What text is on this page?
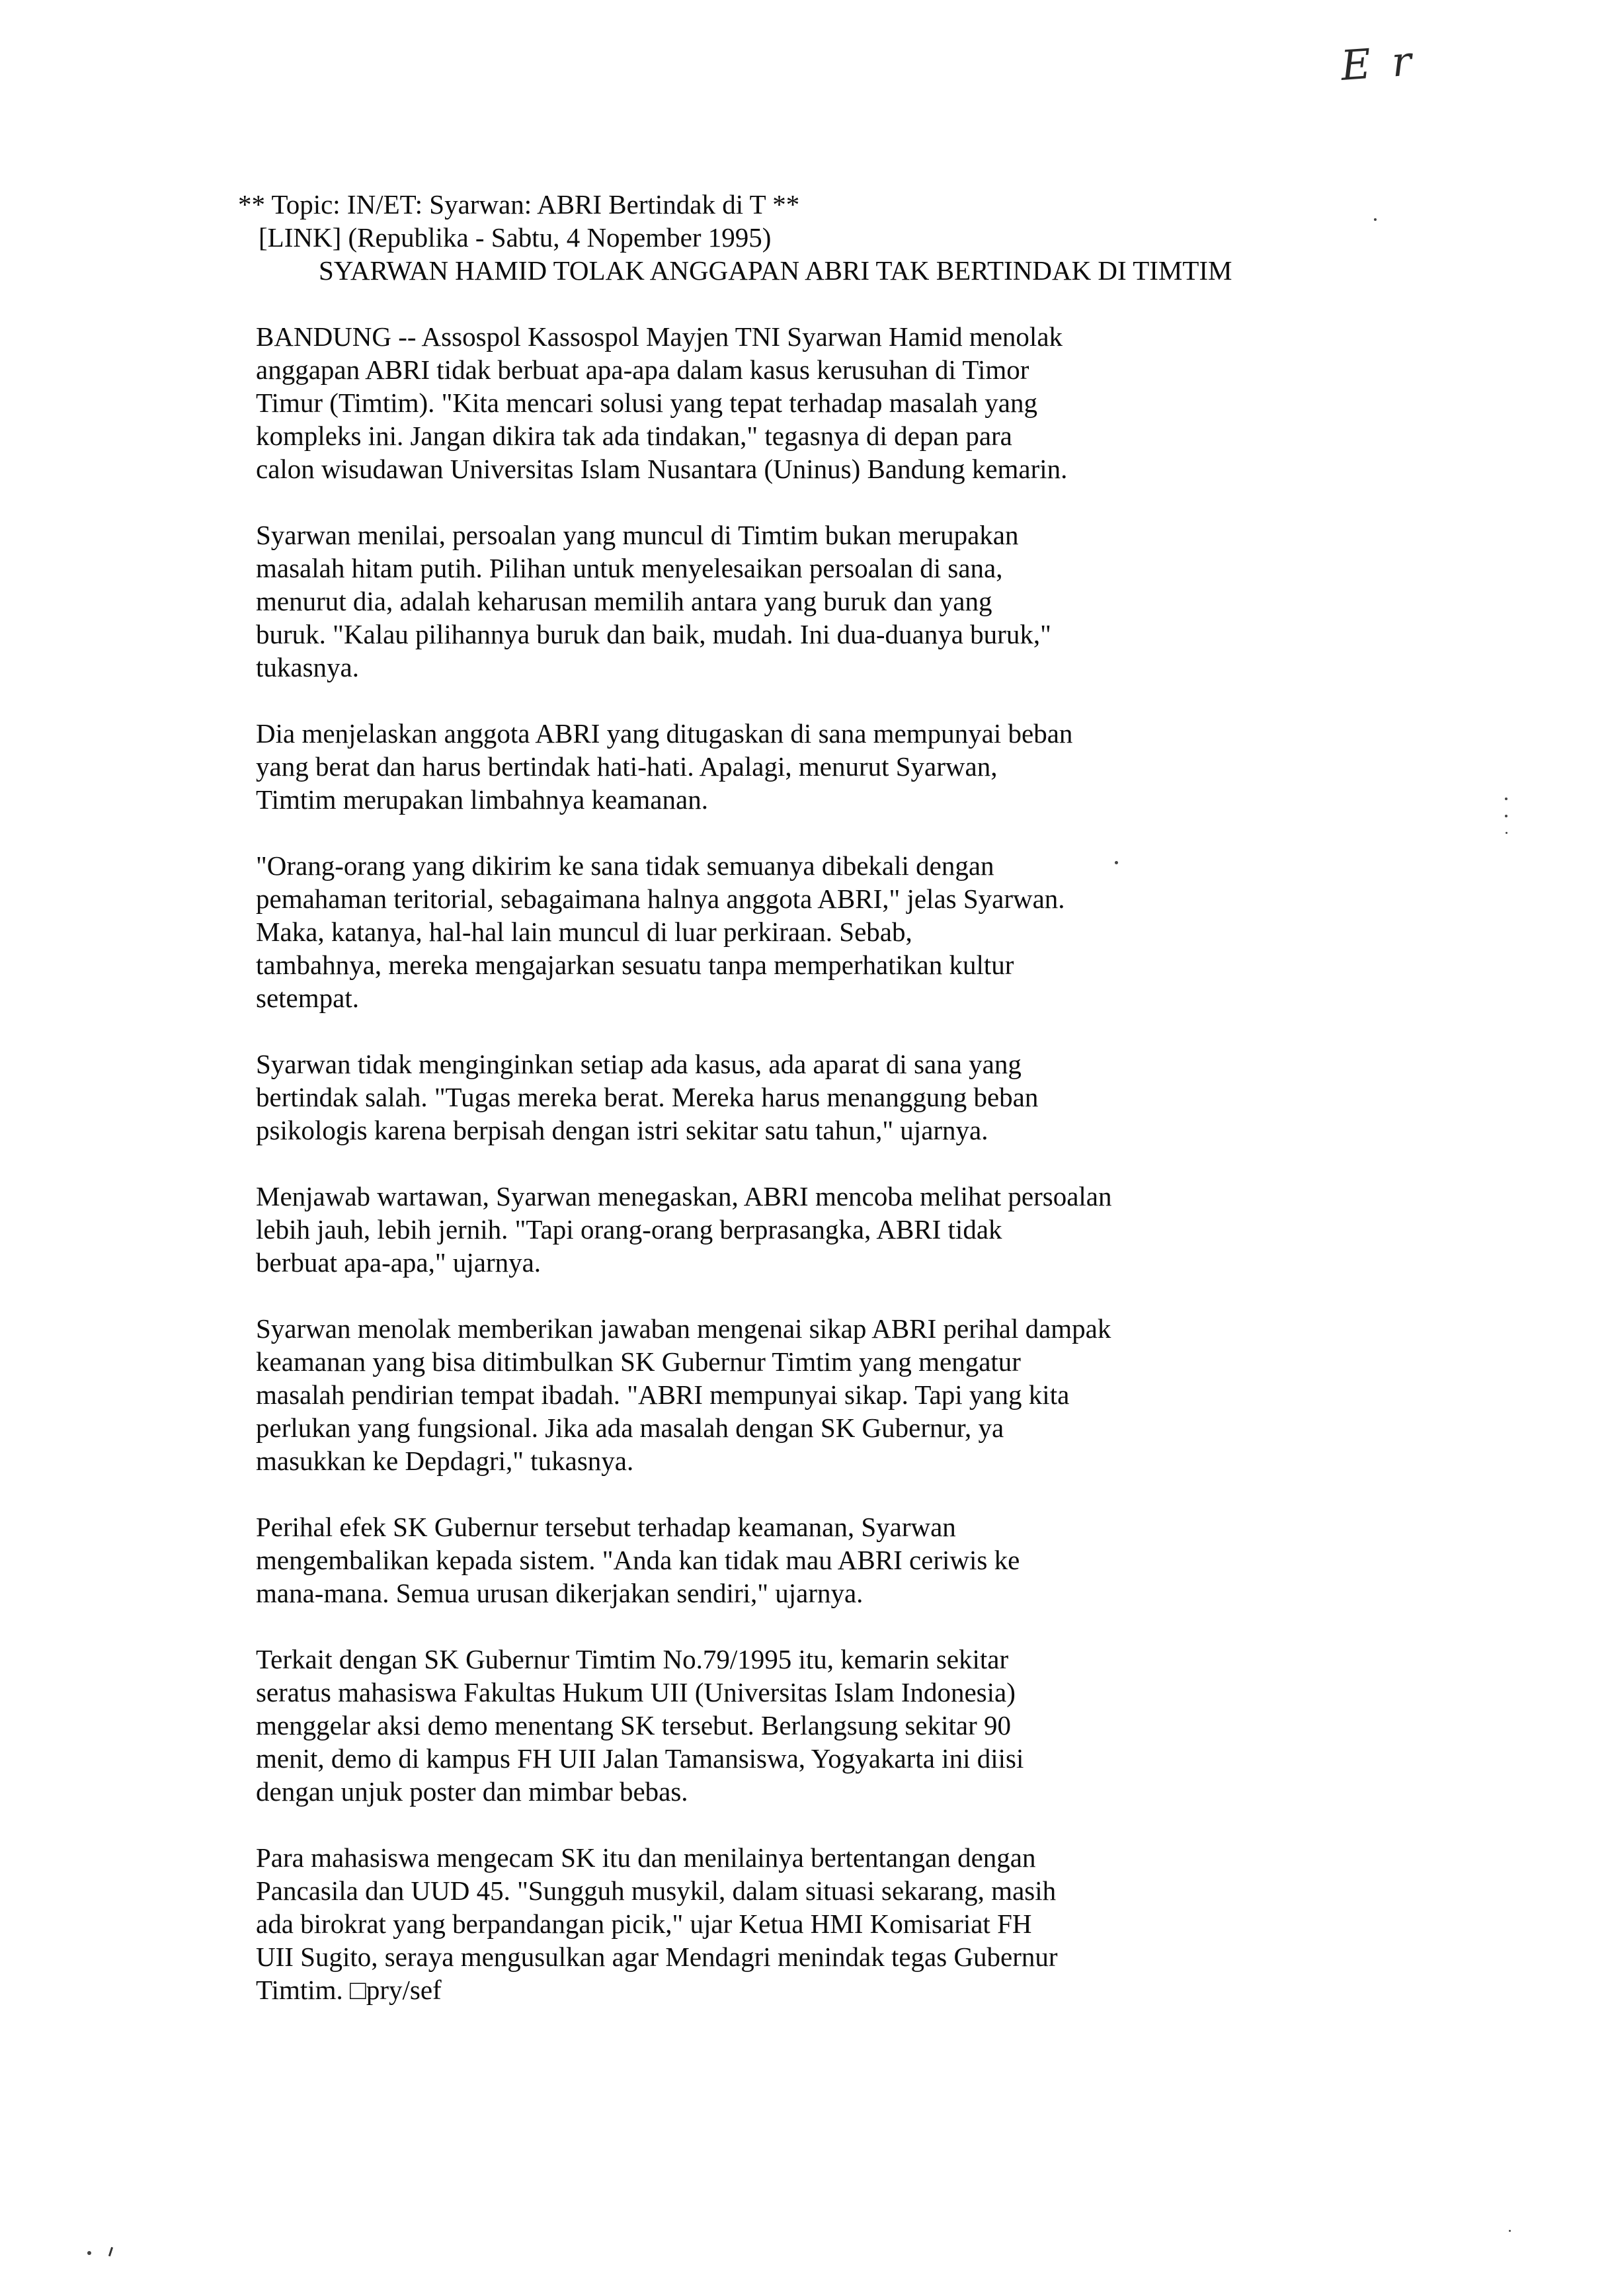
E r
** Topic: IN/ET: Syarwan: ABRI Bertindak di T **
[LINK] (Republika - Sabtu, 4 Nopember 1995)
SYARWAN HAMID TOLAK ANGGAPAN ABRI TAK BERTINDAK DI TIMTIM
BANDUNG -- Assospol Kassospol Mayjen TNI Syarwan Hamid menolak
anggapan ABRI tidak berbuat apa-apa dalam kasus kerusuhan di Timor
Timur (Timtim). "Kita mencari solusi yang tepat terhadap masalah yang
kompleks ini. Jangan dikira tak ada tindakan," tegasnya di depan para
calon wisudawan Universitas Islam Nusantara (Uninus) Bandung kemarin.
Syarwan menilai, persoalan yang muncul di Timtim bukan merupakan
masalah hitam putih. Pilihan untuk menyelesaikan persoalan di sana,
menurut dia, adalah keharusan memilih antara yang buruk dan yang
buruk. "Kalau pilihannya buruk dan baik, mudah. Ini dua-duanya buruk,"
tukasnya.
Dia menjelaskan anggota ABRI yang ditugaskan di sana mempunyai beban
yang berat dan harus bertindak hati-hati. Apalagi, menurut Syarwan,
Timtim merupakan limbahnya keamanan.
"Orang-orang yang dikirim ke sana tidak semuanya dibekali dengan
pemahaman teritorial, sebagaimana halnya anggota ABRI," jelas Syarwan.
Maka, katanya, hal-hal lain muncul di luar perkiraan. Sebab,
tambahnya, mereka mengajarkan sesuatu tanpa memperhatikan kultur
setempat.
Syarwan tidak menginginkan setiap ada kasus, ada aparat di sana yang
bertindak salah. "Tugas mereka berat. Mereka harus menanggung beban
psikologis karena berpisah dengan istri sekitar satu tahun," ujarnya.
Menjawab wartawan, Syarwan menegaskan, ABRI mencoba melihat persoalan
lebih jauh, lebih jernih. "Tapi orang-orang berprasangka, ABRI tidak
berbuat apa-apa," ujarnya.
Syarwan menolak memberikan jawaban mengenai sikap ABRI perihal dampak
keamanan yang bisa ditimbulkan SK Gubernur Timtim yang mengatur
masalah pendirian tempat ibadah. "ABRI mempunyai sikap. Tapi yang kita
perlukan yang fungsional. Jika ada masalah dengan SK Gubernur, ya
masukkan ke Depdagri," tukasnya.
Perihal efek SK Gubernur tersebut terhadap keamanan, Syarwan
mengembalikan kepada sistem. "Anda kan tidak mau ABRI ceriwis ke
mana-mana. Semua urusan dikerjakan sendiri," ujarnya.
Terkait dengan SK Gubernur Timtim No.79/1995 itu, kemarin sekitar
seratus mahasiswa Fakultas Hukum UII (Universitas Islam Indonesia)
menggelar aksi demo menentang SK tersebut. Berlangsung sekitar 90
menit, demo di kampus FH UII Jalan Tamansiswa, Yogyakarta ini diisi
dengan unjuk poster dan mimbar bebas.
Para mahasiswa mengecam SK itu dan menilainya bertentangan dengan
Pancasila dan UUD 45. "Sungguh musykil, dalam situasi sekarang, masih
ada birokrat yang berpandangan picik," ujar Ketua HMI Komisariat FH
UII Sugito, seraya mengusulkan agar Mendagri menindak tegas Gubernur
Timtim. □pry/sef
